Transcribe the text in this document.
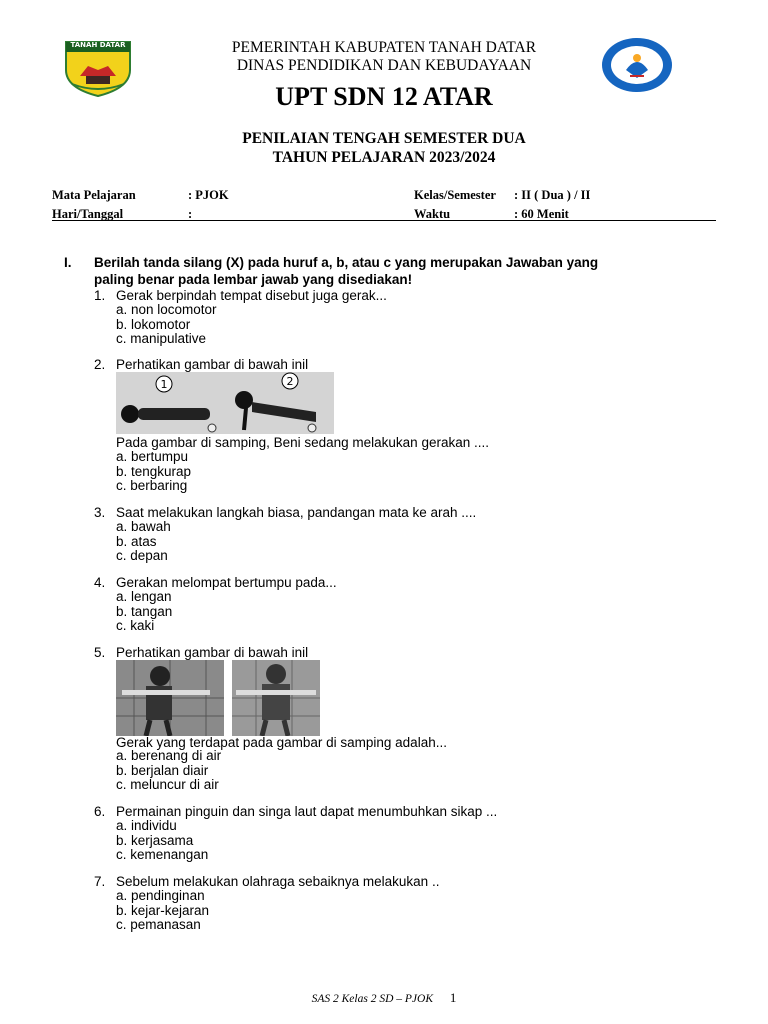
TANAH DATAR	PEMERINTAH KABUPATEN TANAH DATAR
DINAS PENDIDIKAN DAN KEBUDAYAAN
UPT SDN 12 ATAR
PENILAIAN TENGAH SEMESTER DUA
TAHUN PELAJARAN 2023/2024
Mata Pelajaran	: PJOK	Kelas/Semester : II ( Dua ) / II
Hari/Tanggal	:	Waktu	: 60 Menit
I. Berilah tanda silang (X) pada huruf a, b, atau c yang merupakan Jawaban yang
paling benar pada lembar jawab yang disediakan!
1. Gerak berpindah tempat disebut juga gerak...
a. non locomotor
b. lokomotor
c. manipulative
2. Perhatikan gambar di bawah inil
1	2
Pada gambar di samping, Beni sedang melakukan gerakan ....
a. bertumpu
b. tengkurap
c. berbaring
3. Saat melakukan langkah biasa, pandangan mata ke arah ....
a. bawah
b. atas
c. depan
4. Gerakan melompat bertumpu pada...
a. lengan
b. tangan
c. kaki
5. Perhatikan gambar di bawah inil
Gerak yang terdapat pada gambar di samping adalah...
a. berenang di air
b. berjalan diair
c. meluncur di air
6. Permainan pinguin dan singa laut dapat menumbuhkan sikap ...
a. individu
b. kerjasama
c. kemenangan
7. Sebelum melakukan olahraga sebaiknya melakukan ..
a. pendinginan
b. kejar-kejaran
c. pemanasan
SAS 2 Kelas 2 SD – PJOK 1
